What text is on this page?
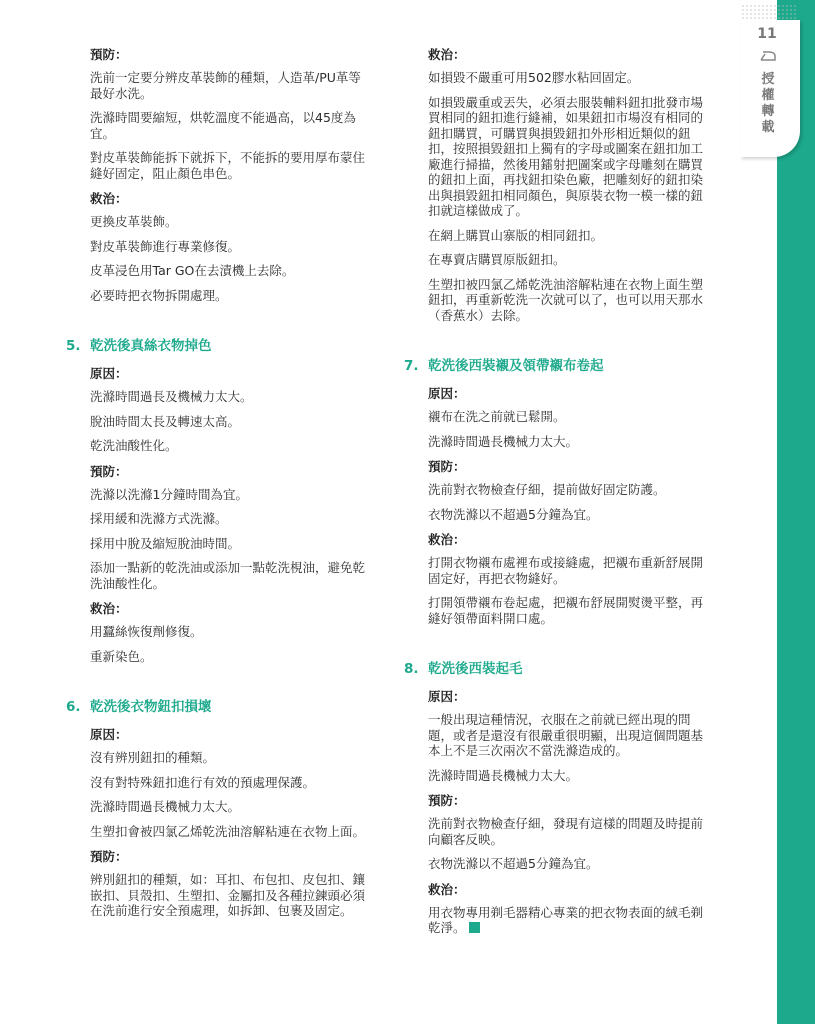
11
授
權
轉
載
預防：
洗前一定要分辨皮革裝飾的種類，人造革/PU革等最好水洗。
洗滌時間要縮短，烘乾溫度不能過高，以45度為宜。
對皮革裝飾能拆下就拆下，不能拆的要用厚布蒙住縫好固定，阻止顏色串色。
救治：
更換皮革裝飾。
對皮革裝飾進行專業修復。
皮革浸色用Tar GO在去漬機上去除。
必要時把衣物拆開處理。
5. 乾洗後真絲衣物掉色
原因：
洗滌時間過長及機械力太大。
脫油時間太長及轉速太高。
乾洗油酸性化。
預防：
洗滌以洗滌1分鐘時間為宜。
採用緩和洗滌方式洗滌。
採用中脫及縮短脫油時間。
添加一點新的乾洗油或添加一點乾洗梘油，避免乾洗油酸性化。
救治：
用蠶絲恢復劑修復。
重新染色。
6. 乾洗後衣物鈕扣損壞
原因：
沒有辨別鈕扣的種類。
沒有對特殊鈕扣進行有效的預處理保護。
洗滌時間過長機械力太大。
生塑扣會被四氯乙烯乾洗油溶解粘連在衣物上面。
預防：
辨別鈕扣的種類，如：耳扣、布包扣、皮包扣、鑲嵌扣、貝殼扣、生塑扣、金屬扣及各種拉鍊頭必須在洗前進行安全預處理，如拆卸、包裹及固定。
救治：
如損毀不嚴重可用502膠水粘回固定。
如損毀嚴重或丟失，必須去服裝輔料鈕扣批發市場買相同的鈕扣進行縫補，如果鈕扣市場沒有相同的鈕扣購買，可購買與損毀鈕扣外形相近類似的鈕扣，按照損毀鈕扣上獨有的字母或圖案在鈕扣加工廠進行掃描，然後用鐳射把圖案或字母雕刻在購買的鈕扣上面，再找鈕扣染色廠，把雕刻好的鈕扣染出與損毀鈕扣相同顏色，與原裝衣物一模一樣的鈕扣就這樣做成了。
在網上購買山寨版的相同鈕扣。
在專賣店購買原版鈕扣。
生塑扣被四氯乙烯乾洗油溶解粘連在衣物上面生塑鈕扣，再重新乾洗一次就可以了，也可以用天那水（香蕉水）去除。
7. 乾洗後西裝襯及領帶襯布卷起
原因：
襯布在洗之前就已鬆開。
洗滌時間過長機械力太大。
預防：
洗前對衣物檢查仔細，提前做好固定防護。
衣物洗滌以不超過5分鐘為宜。
救治：
打開衣物襯布處裡布或接縫處，把襯布重新舒展開固定好，再把衣物縫好。
打開領帶襯布卷起處，把襯布舒展開熨燙平整，再縫好領帶面料開口處。
8. 乾洗後西裝起毛
原因：
一般出現這種情況，衣服在之前就已經出現的問題，或者是還沒有很嚴重很明顯，出現這個問題基本上不是三次兩次不當洗滌造成的。
洗滌時間過長機械力太大。
預防：
洗前對衣物檢查仔細，發現有這樣的問題及時提前向顧客反映。
衣物洗滌以不超過5分鐘為宜。
救治：
用衣物專用剃毛器精心專業的把衣物表面的絨毛剃乾淨。
